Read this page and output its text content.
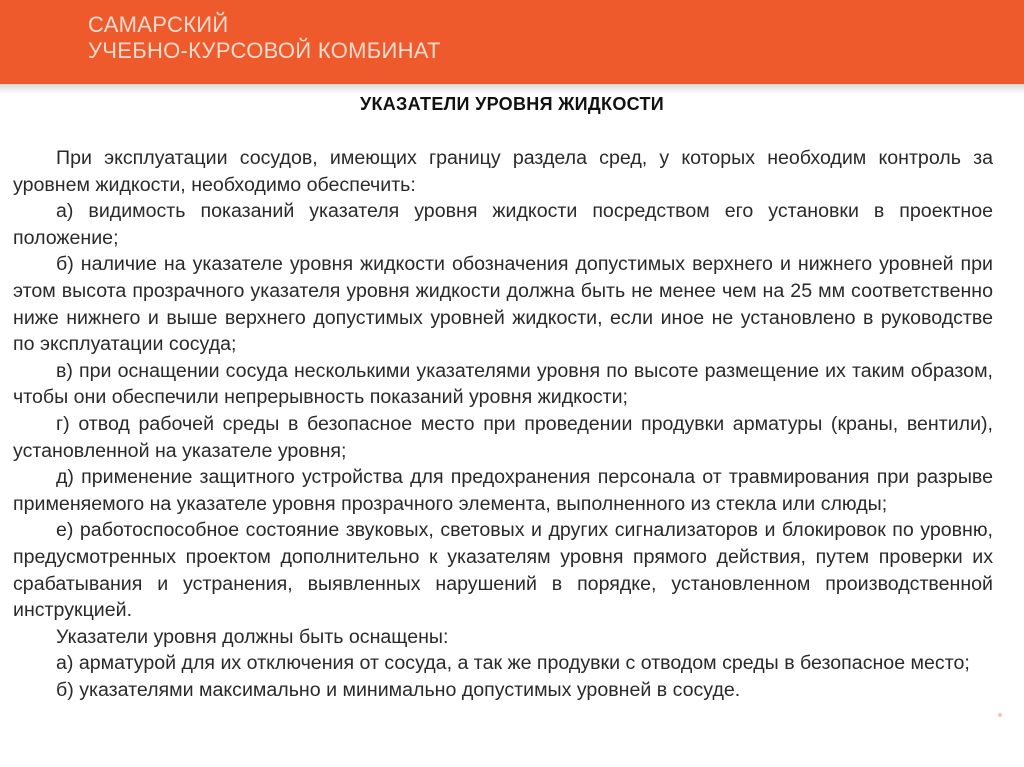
САМАРСКИЙ
УЧЕБНО-КУРСОВОЙ КОМБИНАТ
УКАЗАТЕЛИ УРОВНЯ ЖИДКОСТИ

При эксплуатации сосудов, имеющих границу раздела сред, у которых необходим контроль за уровнем жидкости, необходимо обеспечить:

а) видимость показаний указателя уровня жидкости посредством его установки в проектное положение;

б) наличие на указателе уровня жидкости обозначения допустимых верхнего и нижнего уровней при этом высота прозрачного указателя уровня жидкости должна быть не менее чем на 25 мм соответственно ниже нижнего и выше верхнего допустимых уровней жидкости, если иное не установлено в руководстве по эксплуатации сосуда;

в) при оснащении сосуда несколькими указателями уровня по высоте размещение их таким образом, чтобы они обеспечили непрерывность показаний уровня жидкости;

г) отвод рабочей среды в безопасное место при проведении продувки арматуры (краны, вентили), установленной на указателе уровня;

д) применение защитного устройства для предохранения персонала от травмирования при разрыве применяемого на указателе уровня прозрачного элемента, выполненного из стекла или слюды;

е) работоспособное состояние звуковых, световых и других сигнализаторов и блокировок по уровню, предусмотренных проектом дополнительно к указателям уровня прямого действия, путем проверки их срабатывания и устранения, выявленных нарушений в порядке, установленном производственной инструкцией.

Указатели уровня должны быть оснащены:

а) арматурой для их отключения от сосуда, а так же продувки с отводом среды в безопасное место;

б) указателями максимально и минимально допустимых уровней в сосуде.
